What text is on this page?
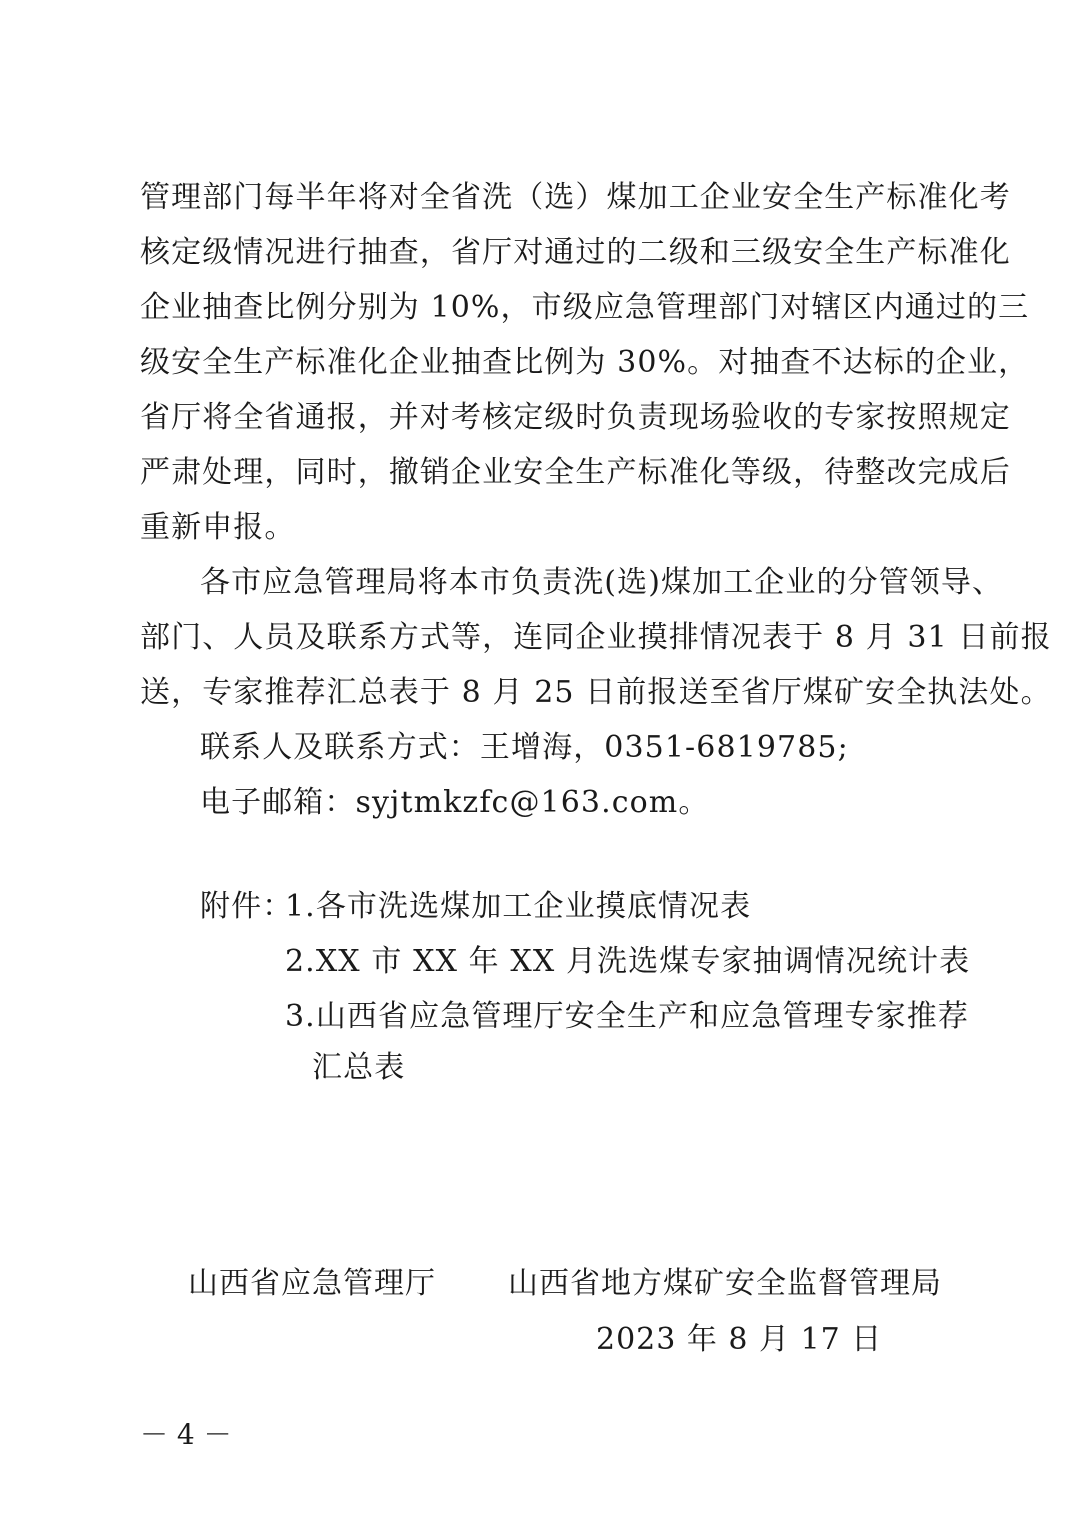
管理部门每半年将对全省洗（选）煤加工企业安全生产标准化考
核定级情况进行抽查，省厅对通过的二级和三级安全生产标准化
企业抽查比例分别为 10%，市级应急管理部门对辖区内通过的三
级安全生产标准化企业抽查比例为 30%。对抽查不达标的企业，
省厅将全省通报，并对考核定级时负责现场验收的专家按照规定
严肃处理，同时，撤销企业安全生产标准化等级，待整改完成后
重新申报。
各市应急管理局将本市负责洗(选)煤加工企业的分管领导、
部门、人员及联系方式等，连同企业摸排情况表于 8 月 31 日前报
送，专家推荐汇总表于 8 月 25 日前报送至省厅煤矿安全执法处。
联系人及联系方式：王增海，0351-6819785;
电子邮箱：syjtmkzfc@163.com。
附件：
1.各市洗选煤加工企业摸底情况表
2.XX 市 XX 年 XX 月洗选煤专家抽调情况统计表
3.山西省应急管理厅安全生产和应急管理专家推荐
汇总表
山西省应急管理厅 山西省地方煤矿安全监督管理局
2023 年 8 月 17 日
－ 4 －
